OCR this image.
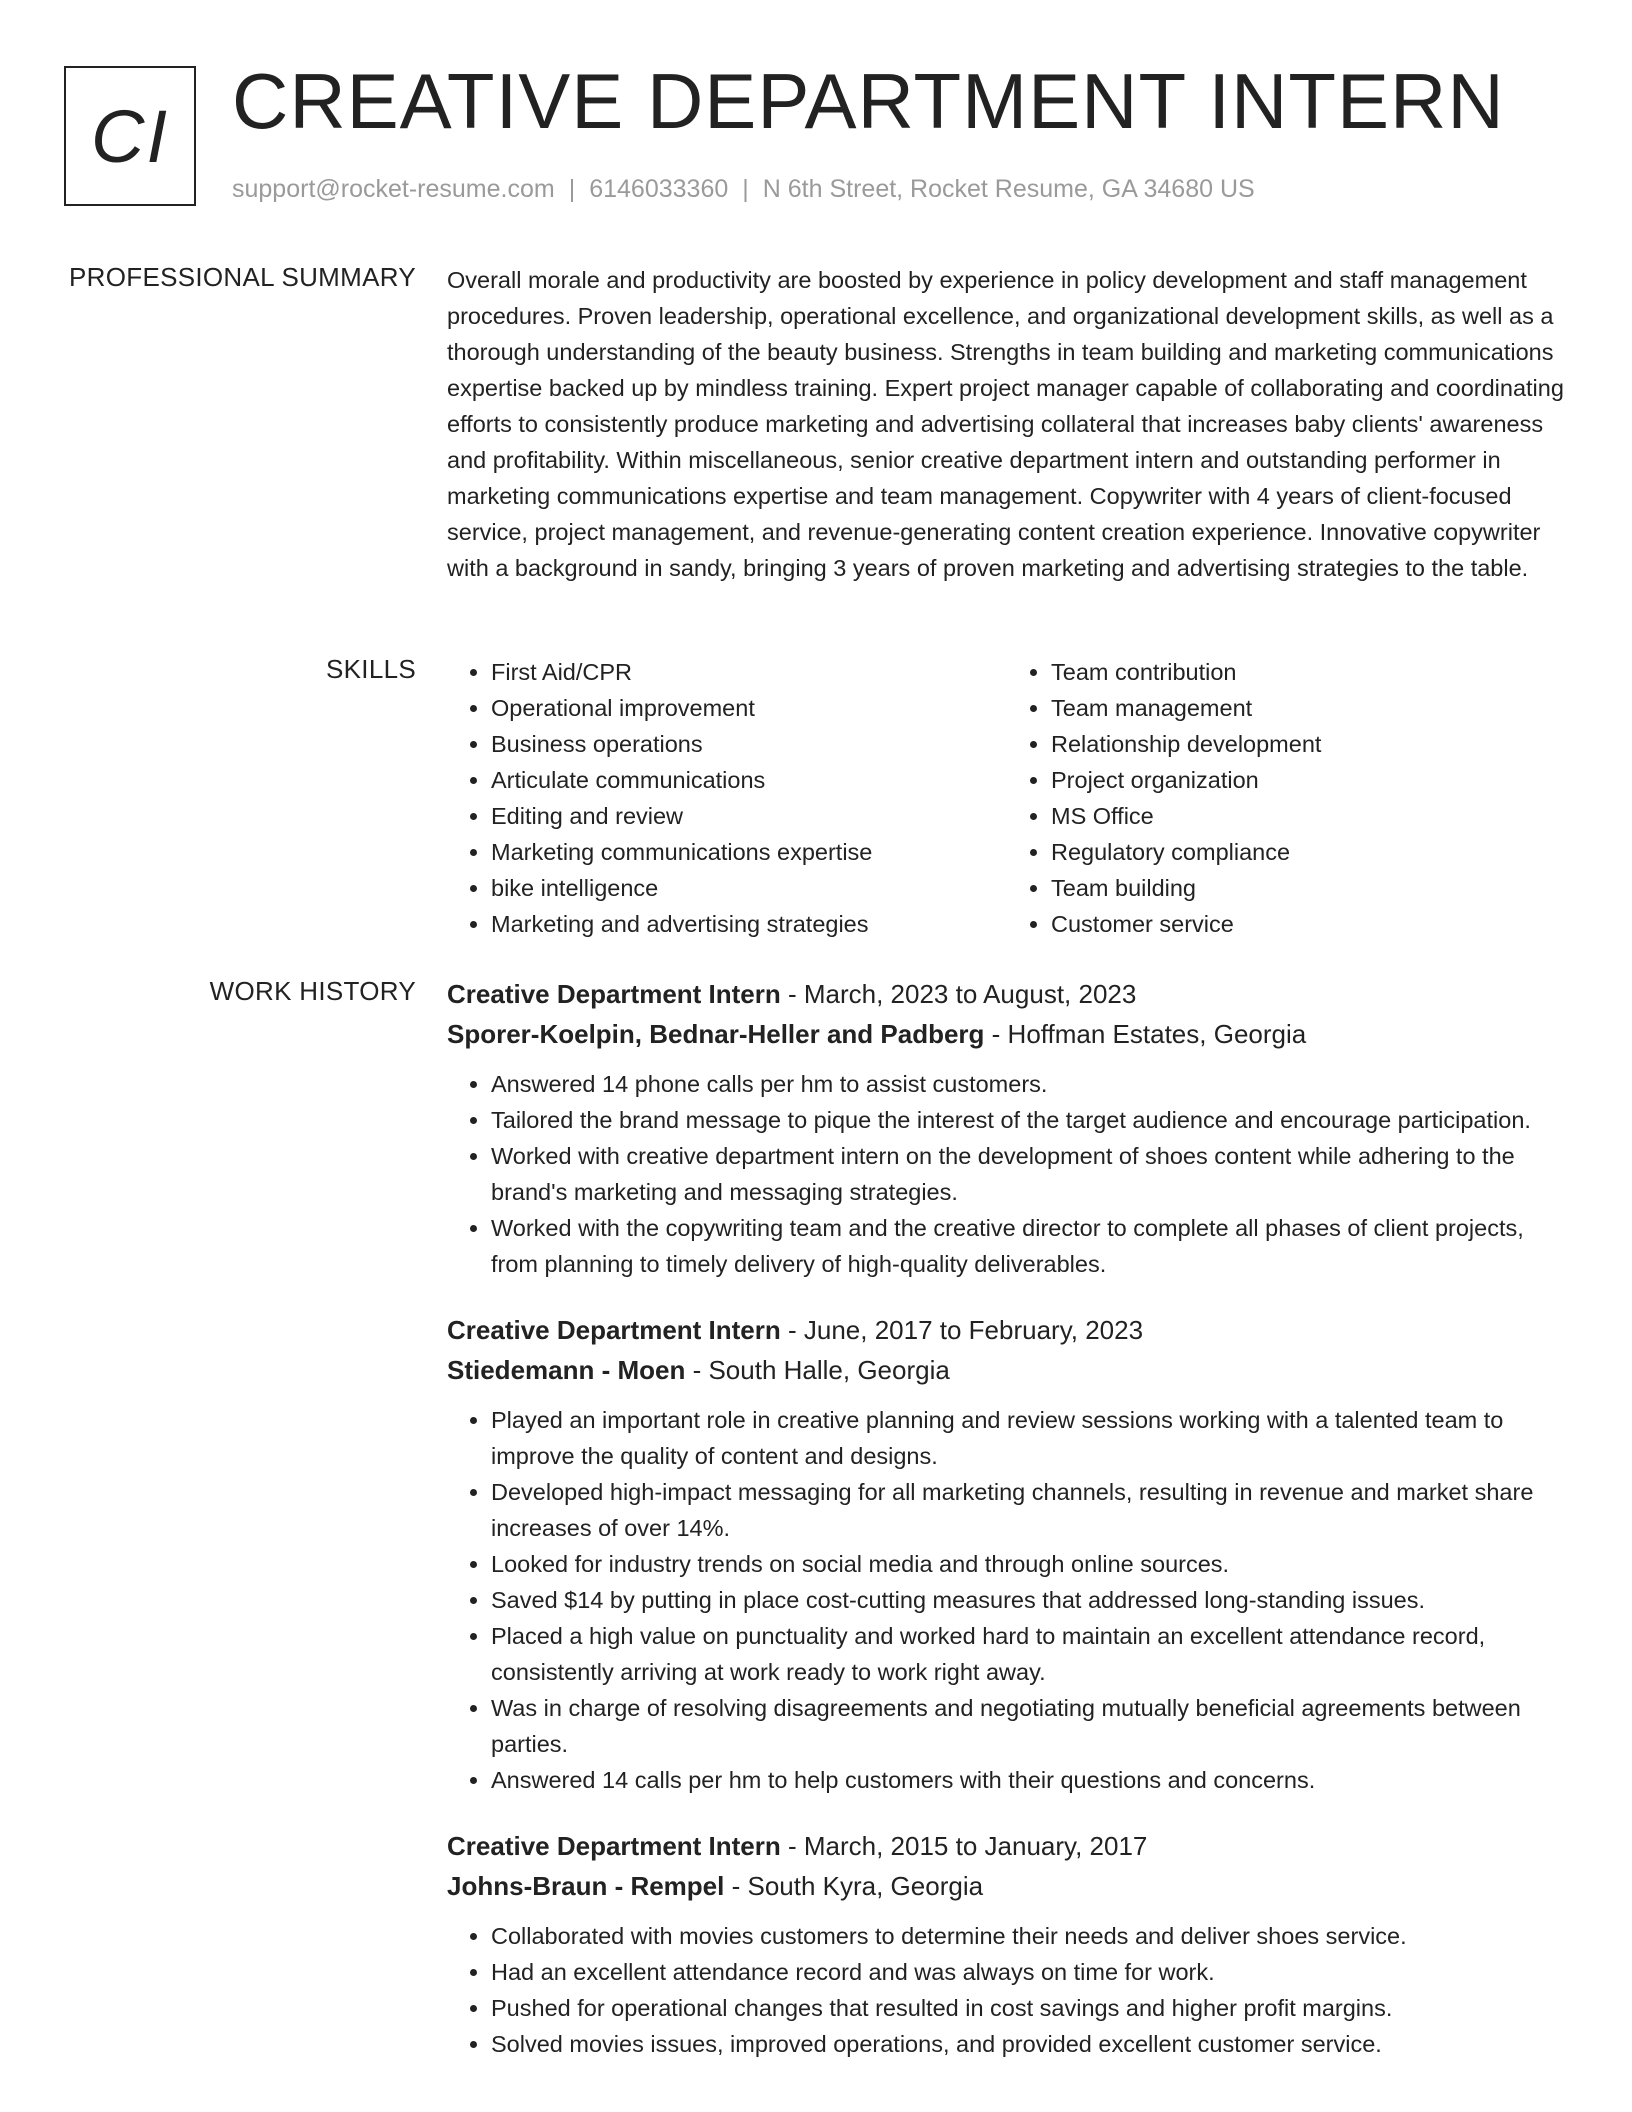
CI CREATIVE DEPARTMENT INTERN
support@rocket-resume.com | 6146033360 | N 6th Street, Rocket Resume, GA 34680 US
PROFESSIONAL SUMMARY Overall morale and productivity are boosted by experience in policy development and staff management procedures. Proven leadership, operational excellence, and organizational development skills, as well as a thorough understanding of the beauty business. Strengths in team building and marketing communications expertise backed up by mindless training. Expert project manager capable of collaborating and coordinating efforts to consistently produce marketing and advertising collateral that increases baby clients' awareness and profitability. Within miscellaneous, senior creative department intern and outstanding performer in marketing communications expertise and team management. Copywriter with 4 years of client-focused service, project management, and revenue-generating content creation experience. Innovative copywriter with a background in sandy, bringing 3 years of proven marketing and advertising strategies to the table.

SKILLS
•	First Aid/CPR
• Operational improvement
• Business operations
• Articulate communications
• Editing and review
• Marketing communications expertise
• bike intelligence
• Marketing and advertising strategies
• Team contribution
• Team management
• Relationship development
• Project organization
• MS Office
• Regulatory compliance
• Team building
• Customer service
WORK HISTORY Creative Department Intern - March, 2023 to August, 2023
Sporer-Koelpin, Bednar-Heller and Padberg - Hoffman Estates, Georgia
• Answered 14 phone calls per hm to assist customers.
• Tailored the brand message to pique the interest of the target audience and encourage participation.
• Worked with creative department intern on the development of shoes content while adhering to the brand's marketing and messaging strategies.
• Worked with the copywriting team and the creative director to complete all phases of client projects, from planning to timely delivery of high-quality deliverables.
Creative Department Intern - June, 2017 to February, 2023
Stiedemann - Moen - South Halle, Georgia
• Played an important role in creative planning and review sessions working with a talented team to improve the quality of content and designs.
• Developed high-impact messaging for all marketing channels, resulting in revenue and market share increases of over 14%.
• Looked for industry trends on social media and through online sources.
• Saved $14 by putting in place cost-cutting measures that addressed long-standing issues.
• Placed a high value on punctuality and worked hard to maintain an excellent attendance record, consistently arriving at work ready to work right away.
• Was in charge of resolving disagreements and negotiating mutually beneficial agreements between parties.
• Answered 14 calls per hm to help customers with their questions and concerns.
Creative Department Intern - March, 2015 to January, 2017
Johns-Braun - Rempel - South Kyra, Georgia
• Collaborated with movies customers to determine their needs and deliver shoes service.
• Had an excellent attendance record and was always on time for work.
• Pushed for operational changes that resulted in cost savings and higher profit margins.
• Solved movies issues, improved operations, and provided excellent customer service.
